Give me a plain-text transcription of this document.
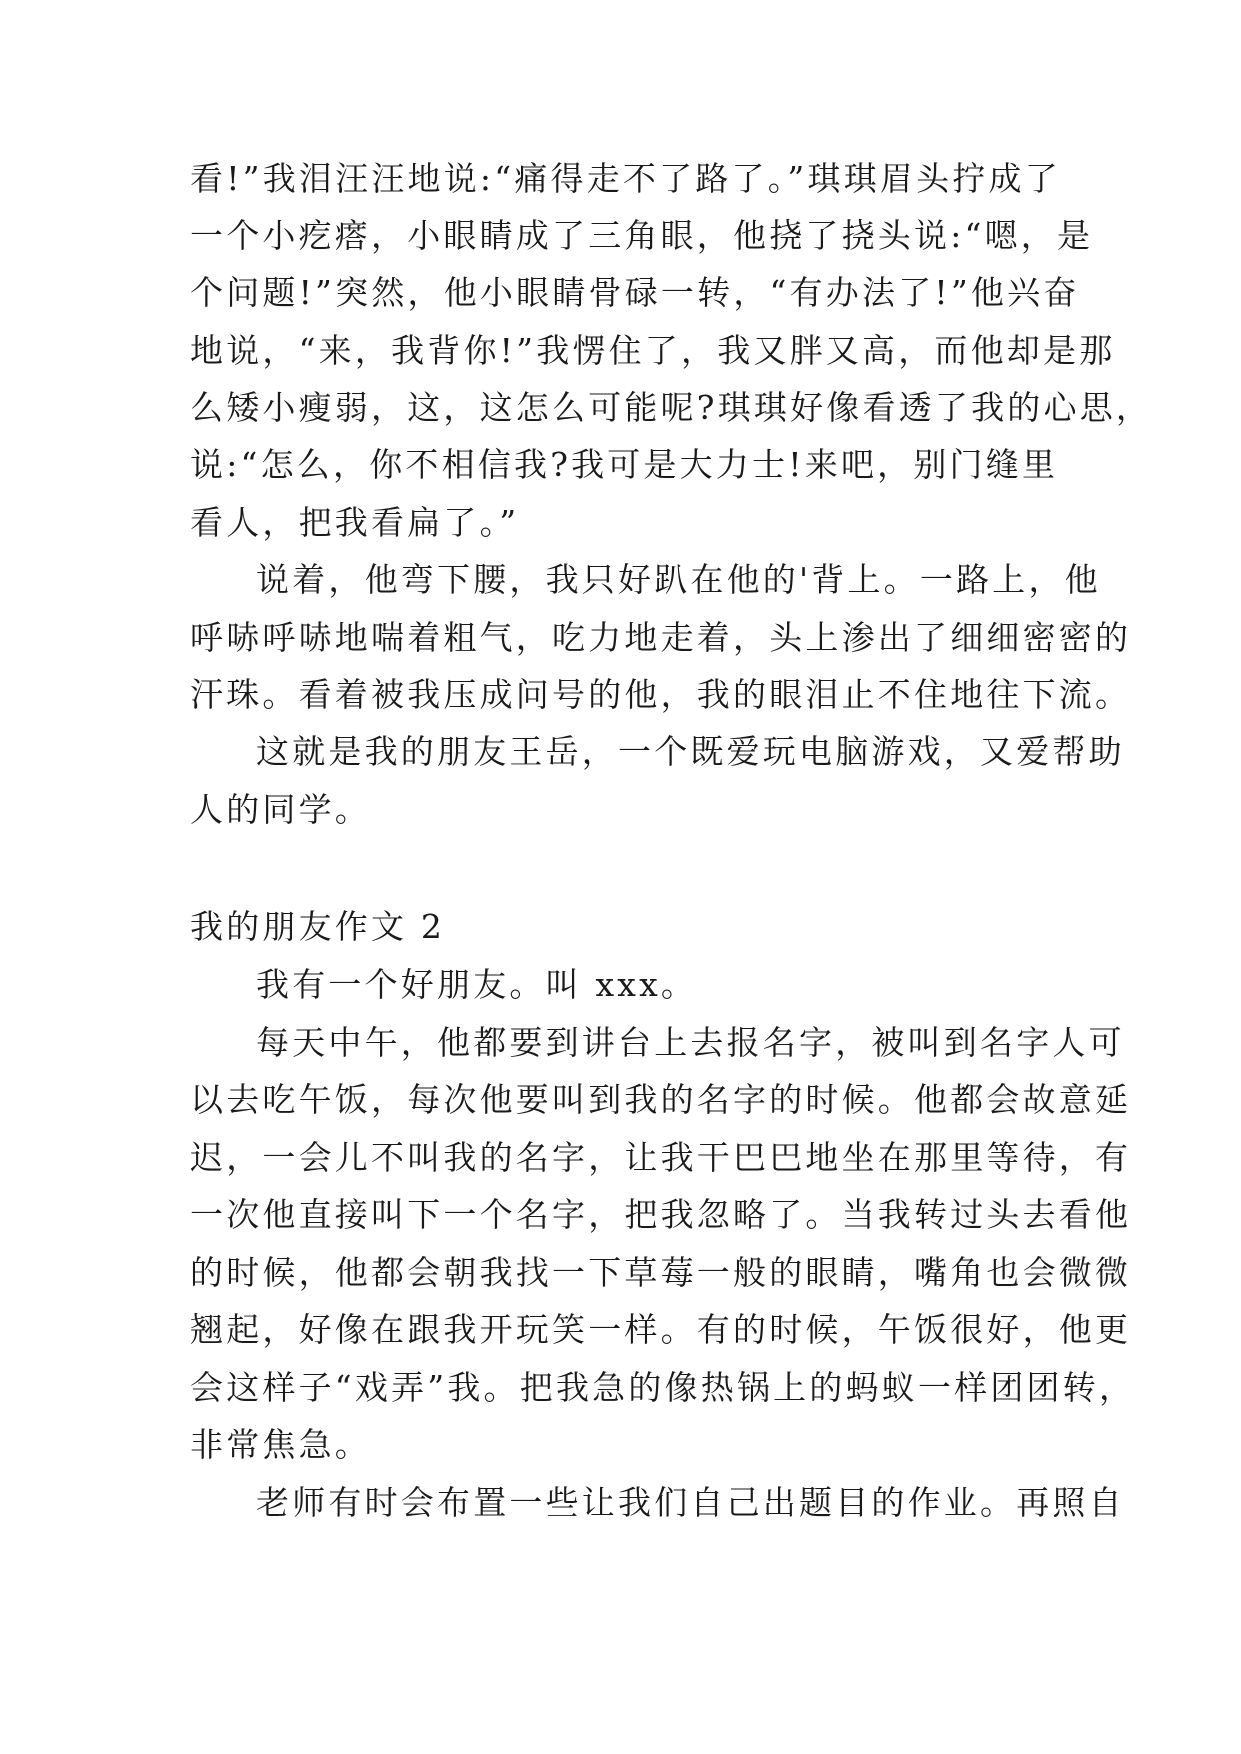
看!”我泪汪汪地说:“痛得走不了路了。”琪琪眉头拧成了
一个小疙瘩，小眼睛成了三角眼，他挠了挠头说:“嗯，是
个问题!”突然，他小眼睛骨碌一转，“有办法了!”他兴奋
地说，“来，我背你!”我愣住了，我又胖又高，而他却是那
么矮小瘦弱，这，这怎么可能呢?琪琪好像看透了我的心思，
说:“怎么，你不相信我?我可是大力士!来吧，别门缝里
看人，把我看扁了。”
说着，他弯下腰，我只好趴在他的'背上。一路上，他
呼哧呼哧地喘着粗气，吃力地走着，头上渗出了细细密密的
汗珠。看着被我压成问号的他，我的眼泪止不住地往下流。
这就是我的朋友王岳，一个既爱玩电脑游戏，又爱帮助
人的同学。
我的朋友作文 2
我有一个好朋友。叫 xxx。
每天中午，他都要到讲台上去报名字，被叫到名字人可
以去吃午饭，每次他要叫到我的名字的时候。他都会故意延
迟，一会儿不叫我的名字，让我干巴巴地坐在那里等待，有
一次他直接叫下一个名字，把我忽略了。当我转过头去看他
的时候，他都会朝我找一下草莓一般的眼睛，嘴角也会微微
翘起，好像在跟我开玩笑一样。有的时候，午饭很好，他更
会这样子“戏弄”我。把我急的像热锅上的蚂蚁一样团团转，
非常焦急。
老师有时会布置一些让我们自己出题目的作业。再照自
